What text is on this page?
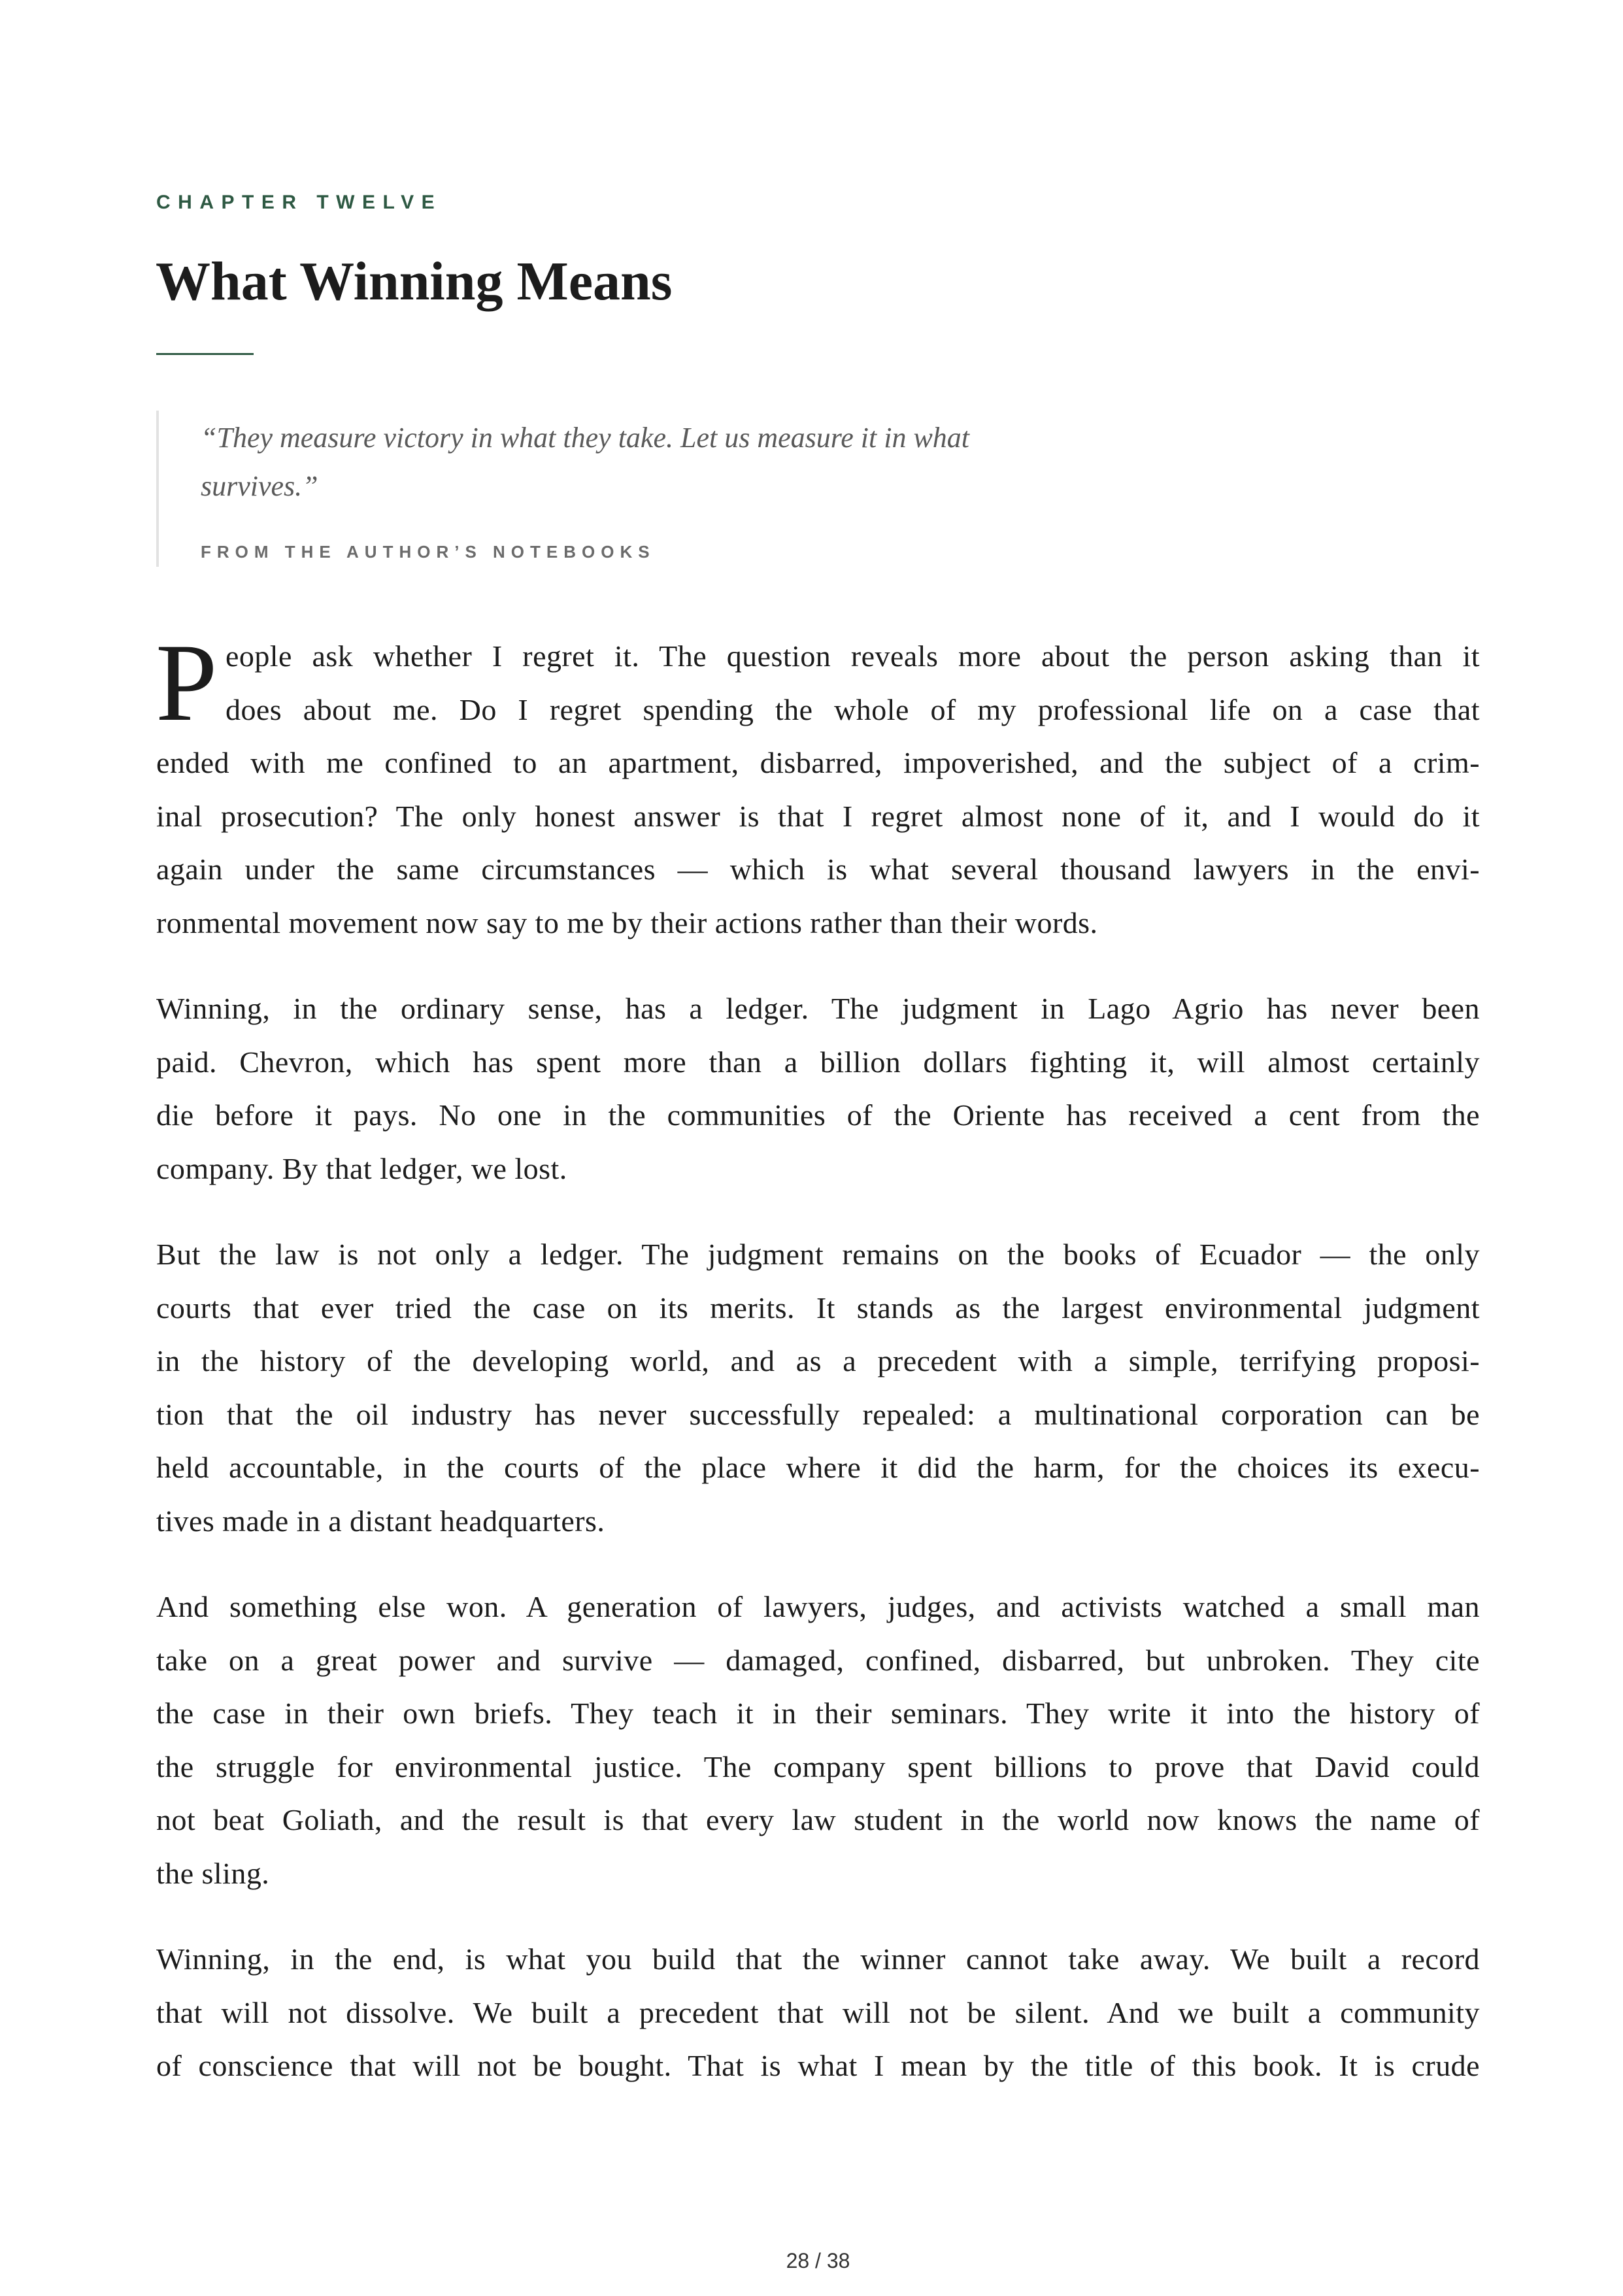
CHAPTER TWELVE
What Winning Means
“They measure victory in what they take. Let us measure it in what
survives.”
FROM THE AUTHOR’S NOTEBOOKS

P eople ask whether I regret it. The question reveals more about the person asking than it
does about me. Do I regret spending the whole of my professional life on a case that
ended with me confined to an apartment, disbarred, impoverished, and the subject of a crim-
inal prosecution? The only honest answer is that I regret almost none of it, and I would do it
again under the same circumstances — which is what several thousand lawyers in the envi-
ronmental movement now say to me by their actions rather than their words.

Winning, in the ordinary sense, has a ledger. The judgment in Lago Agrio has never been
paid. Chevron, which has spent more than a billion dollars fighting it, will almost certainly
die before it pays. No one in the communities of the Oriente has received a cent from the
company. By that ledger, we lost.

But the law is not only a ledger. The judgment remains on the books of Ecuador — the only
courts that ever tried the case on its merits. It stands as the largest environmental judgment
in the history of the developing world, and as a precedent with a simple, terrifying proposi-
tion that the oil industry has never successfully repealed: a multinational corporation can be
held accountable, in the courts of the place where it did the harm, for the choices its execu-
tives made in a distant headquarters.

And something else won. A generation of lawyers, judges, and activists watched a small man
take on a great power and survive — damaged, confined, disbarred, but unbroken. They cite
the case in their own briefs. They teach it in their seminars. They write it into the history of
the struggle for environmental justice. The company spent billions to prove that David could
not beat Goliath, and the result is that every law student in the world now knows the name of
the sling.

Winning, in the end, is what you build that the winner cannot take away. We built a record
that will not dissolve. We built a precedent that will not be silent. And we built a community
of conscience that will not be bought. That is what I mean by the title of this book. It is crude

28 / 38
